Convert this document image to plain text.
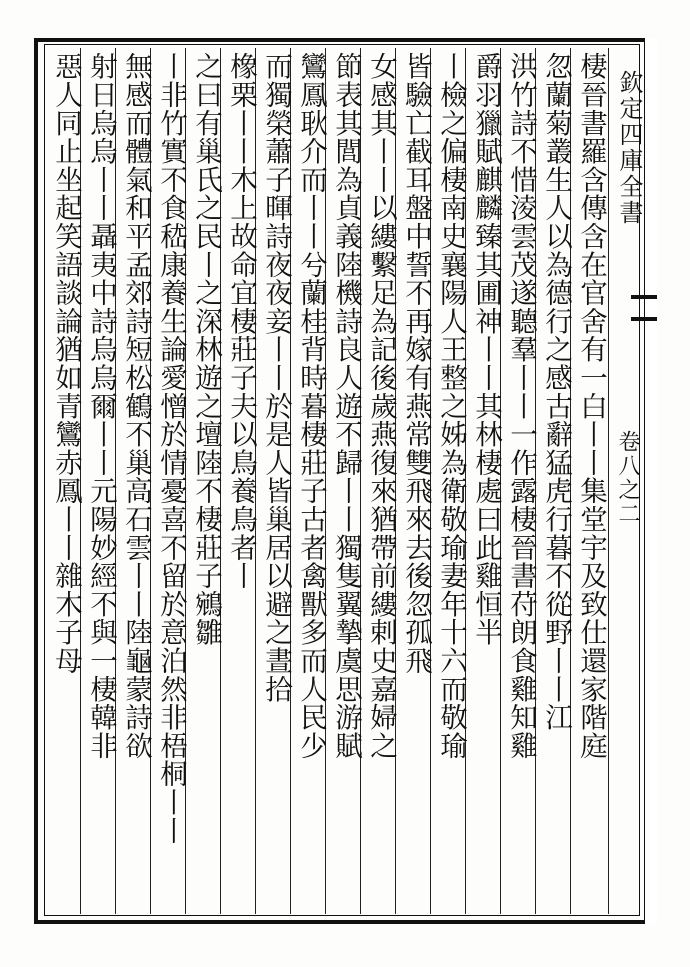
欽定四庫全書
卷八之二
棲晉書羅含傳含在官舍有一白丨丨集堂宇及致仕還家階庭
忽蘭菊叢生人以為德行之感古辭猛虎行暮不從野丨丨江
洪竹詩不惜淩雲茂遂聽羣丨丨一作露棲晉書苻朗食雞知雞
爵羽獵賦麒麟臻其圃神丨丨其林棲處曰此雞恒半
丨檢之偏棲南史襄陽人王整之姊為衛敬瑜妻年十六而敬瑜
皆驗亡截耳盤中誓不再嫁有燕常雙飛來去後忽孤飛
女感其丨丨以縷繫足為記後歲燕復來猶帶前縷剌史嘉婦之
節表其閭為貞義陸機詩良人遊不歸丨丨獨隻翼摯虞思游賦
鸞鳳耿介而丨丨兮蘭桂背時暮棲莊子古者禽獸多而人民少
而獨榮蕭子暉詩夜夜妾丨丨於是人皆巢居以避之晝拾
橡栗丨丨木上故命宜棲莊子夫以鳥養鳥者丨
之曰有巢氏之民丨之深林遊之壇陸不棲莊子鵷雛
丨非竹實不食嵇康養生論愛憎於情憂喜不留於意泊然非梧桐丨丨
無感而體氣和平孟郊詩短松鶴不巢高石雲丨丨陸龜蒙詩欲
射日烏烏丨丨聶夷中詩烏烏爾丨丨元陽妙經不與一棲韓非
惡人同止坐起笑語談論猶如青鸞赤鳳丨丨雜木子母
